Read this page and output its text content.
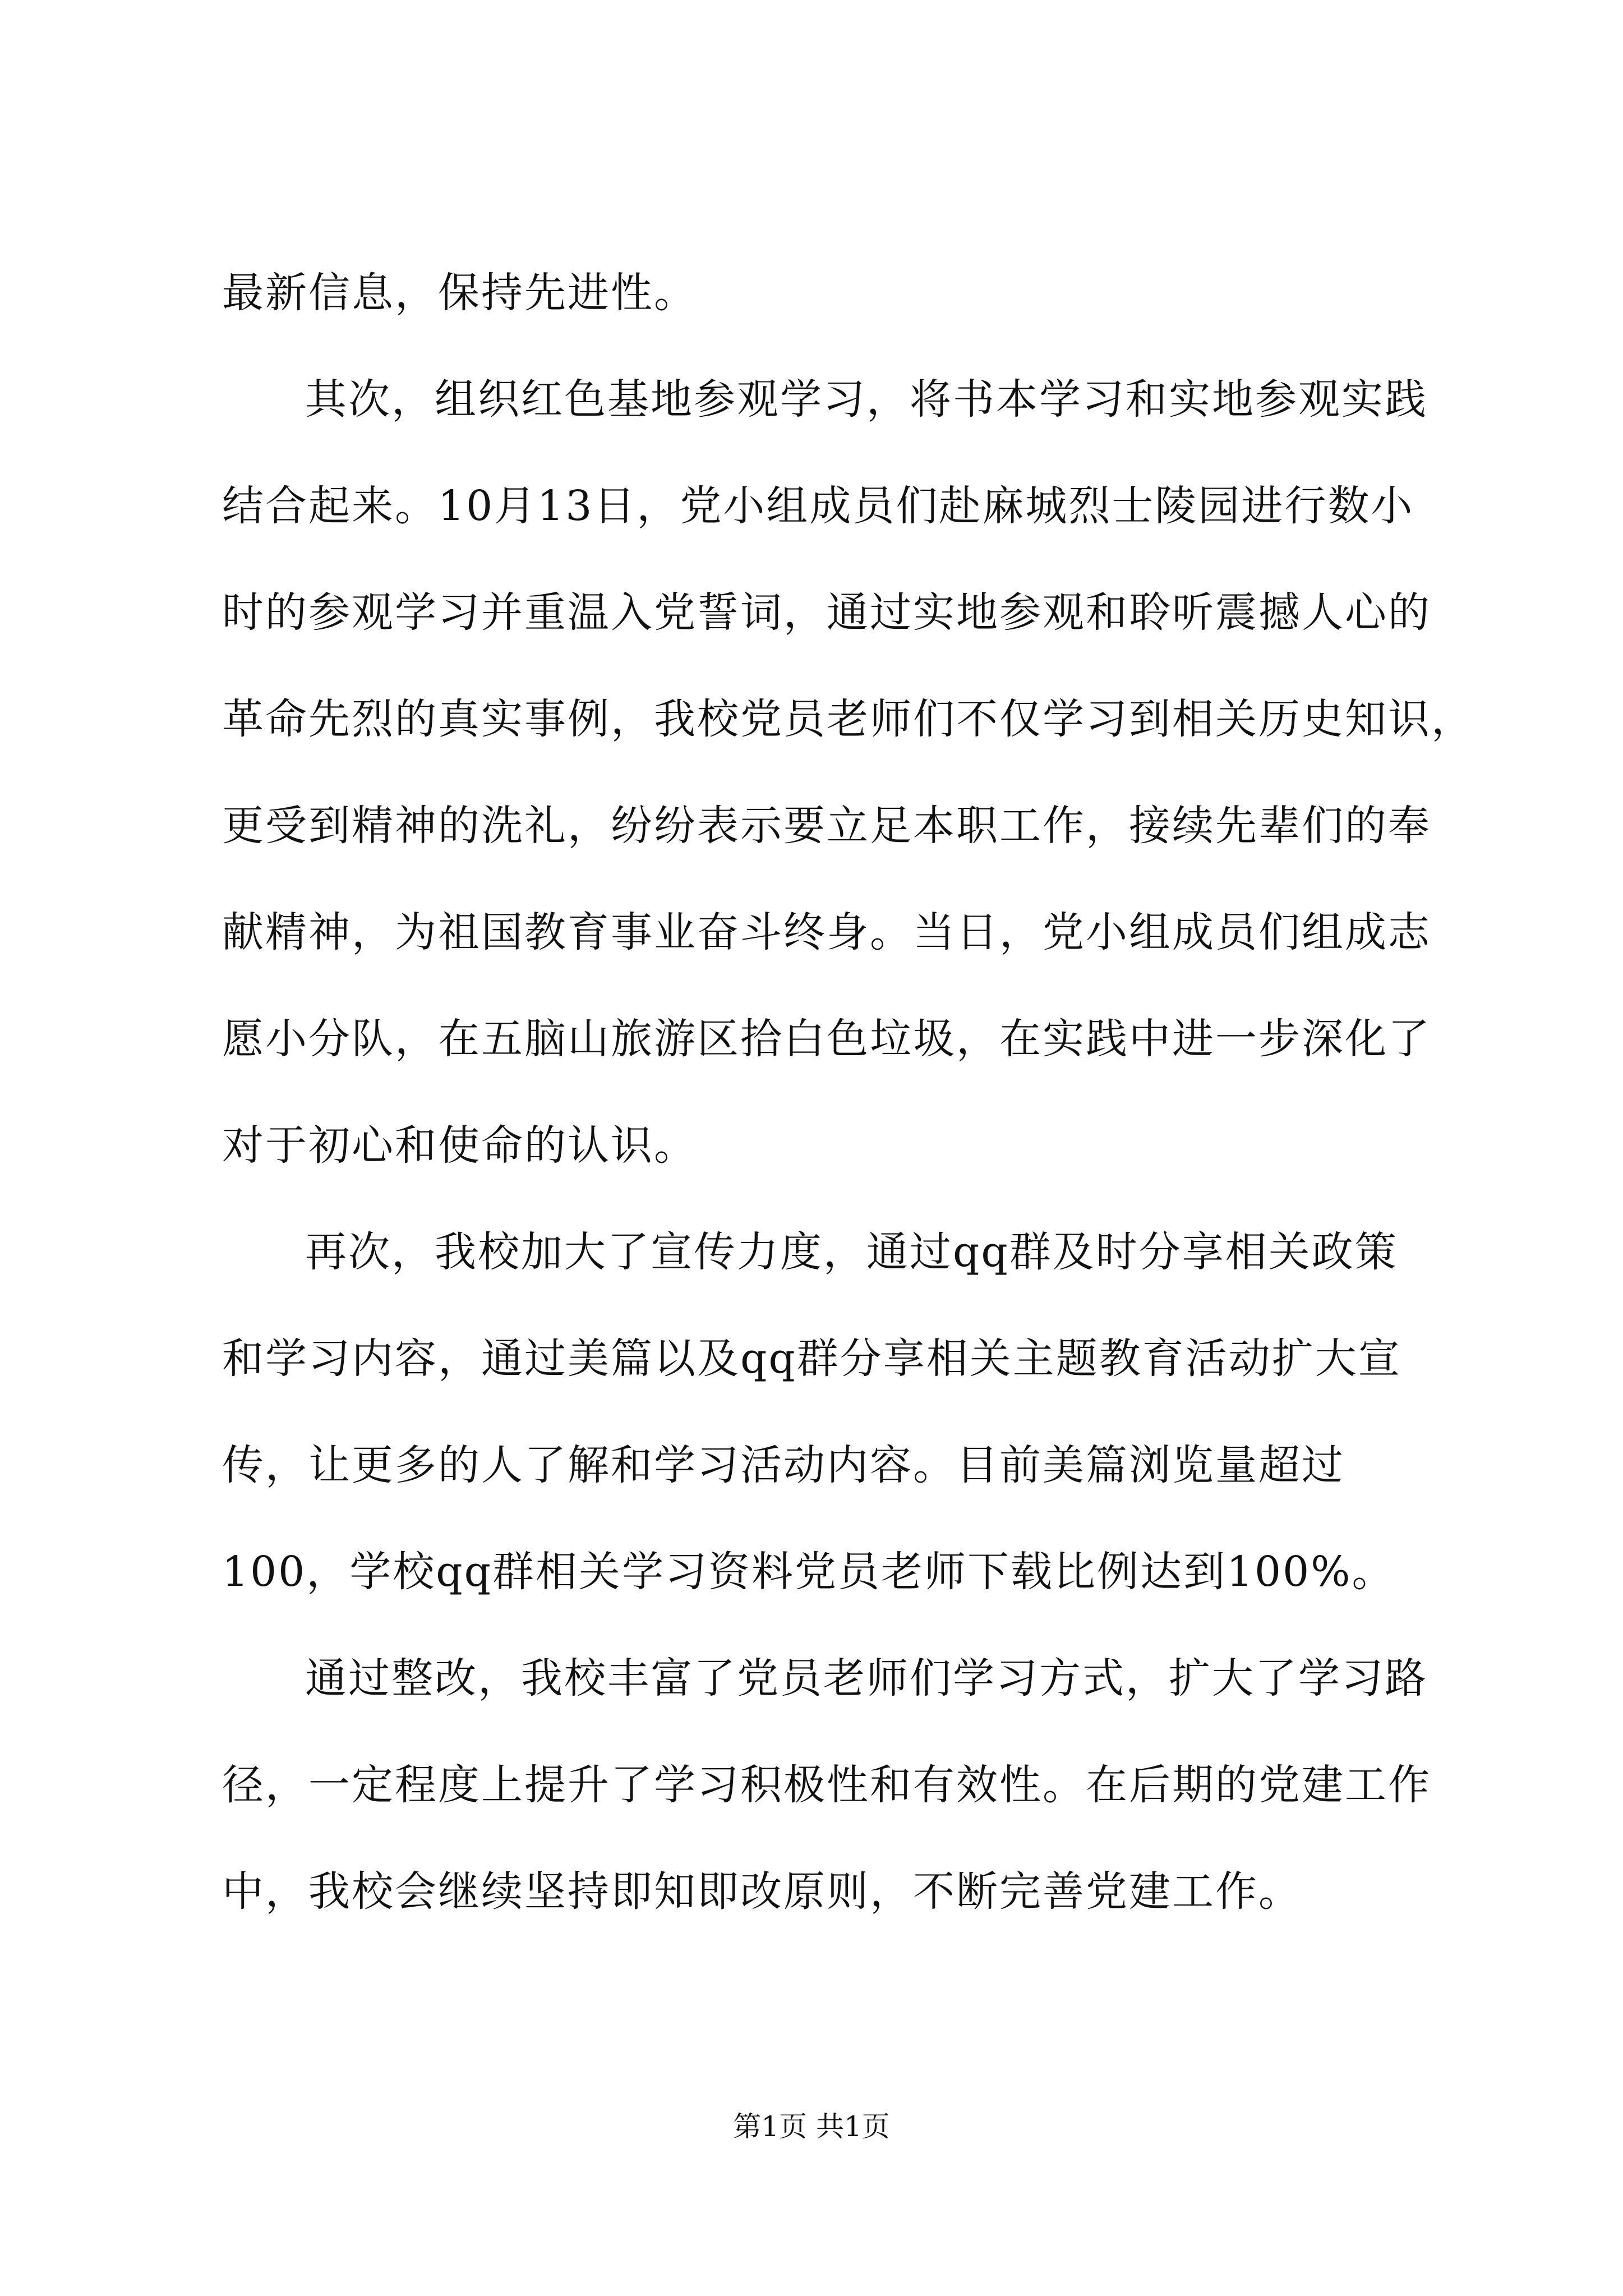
最新信息，保持先进性。
其次，组织红色基地参观学习，将书本学习和实地参观实践
结合起来。10月13日，党小组成员们赴麻城烈士陵园进行数小
时的参观学习并重温入党誓词，通过实地参观和聆听震撼人心的
革命先烈的真实事例，我校党员老师们不仅学习到相关历史知识，
更受到精神的洗礼，纷纷表示要立足本职工作，接续先辈们的奉
献精神，为祖国教育事业奋斗终身。当日，党小组成员们组成志
愿小分队，在五脑山旅游区拾白色垃圾，在实践中进一步深化了
对于初心和使命的认识。
再次，我校加大了宣传力度，通过qq群及时分享相关政策
和学习内容，通过美篇以及qq群分享相关主题教育活动扩大宣
传，让更多的人了解和学习活动内容。目前美篇浏览量超过
100，学校qq群相关学习资料党员老师下载比例达到100%。
通过整改，我校丰富了党员老师们学习方式，扩大了学习路
径，一定程度上提升了学习积极性和有效性。在后期的党建工作
中，我校会继续坚持即知即改原则，不断完善党建工作。
第1页 共1页
